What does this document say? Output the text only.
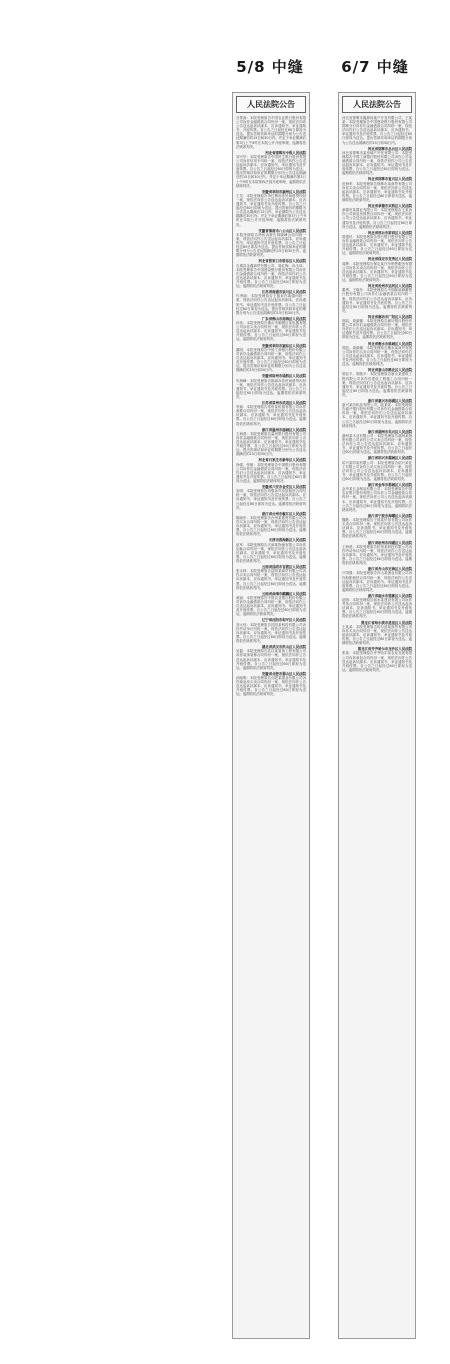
5/8 中缝	6/7 中缝
人民法院公告
谷景涛：本院受理原告中国农业银行股份有限公司诉你金融借款合同纠纷一案，现依法向你公告送达起诉状副本、应诉通知书、举证通知书、开庭传票。自公告之日起经过60日即视为送达。提出答辩状和举证的期限分别为公告送达期满后的15日和30日内。并定于举证期满后第3日上午9时在本院公开开庭审理，逾期将依法缺席判决。
河北省邯郸市中级人民法院
刘兴华：本院受理原告中国民生银行股份有限公司诉你信用卡纠纷一案，现依法向你公告送达起诉状副本、应诉通知书、举证通知书及开庭传票。自公告之日起经过60日即视为送达。提出答辩状和举证的期限分别为公告送达期满后的15日和30日内，并定于举证期满后第3日上午9时在本院第四法庭开庭审理，逾期将依法缺席判决。
安徽省阜阳市颍州区人民法院
王龙：本院受理原告李红梅诉你民间借贷纠纷一案，现依法向你公告送达起诉状副本、应诉通知书、举证通知书及开庭传票。自公告之日起经过60日即视为送达。提出答辩状的期限为公告送达期满后15日内，举证期限为公告送达期满后30日内。并定于举证期满后第3日上午9时在本院公开开庭审理，逾期将依法缺席判决。
安徽省淮南市八公山区人民法院
本院受理原告徐伟诉被告林晓峰合同纠纷一案，现依法向你公告送达起诉状副本、应诉通知书、举证通知书及开庭传票。自公告之日起经过60日即视为送达。提出答辩状和举证的期限分别为公告送达期满后的15日和30日内。逾期将依法缺席判决。
河北省张家口市桥东区人民法院
石城县金鑫商贸有限公司、周红梅、孙玉凤：本院受理原告中国建设银行股份有限公司诉你们金融借款合同纠纷一案，现依法向你们公告送达起诉状副本、应诉通知书、举证通知书及开庭传票。自公告之日起经过60日即视为送达。逾期将依法缺席判决。
江苏省南通市崇川区人民法院
代秀丽：本院受理原告王振诉你离婚纠纷一案，现依法向你公告送达起诉状副本、应诉通知书、举证通知书及开庭传票。自公告之日起经过60日即视为送达。提出答辩状和举证的期限分别为公告送达期满后的15日和30日内。
广东省佛山市南海区人民法院
孙伟：本院受理原告佛山市顺德区某电器有限公司诉你买卖合同纠纷一案，现依法向你公告送达起诉状副本、应诉通知书、举证通知书及开庭传票。自公告之日起经过60日即视为送达。逾期将依法缺席判决。
安徽省阜阳市颍东区人民法院
董明：本院受理原告中国工商银行股份有限公司诉你金融借款合同纠纷一案，现依法向你公告送达起诉状副本、应诉通知书、举证通知书及开庭传票。自公告之日起经过60日即视为送达。提出答辩状和举证的期限分别为公告送达期满后的15日和30日内。
安徽省宿州市埇桥区人民法院
朱海峰：本院受理原告陈丽诉你民间借贷纠纷一案，现依法向你公告送达起诉状副本、应诉通知书、举证通知书及开庭传票。自公告之日起经过60日即视为送达。逾期将依法缺席判决。
江苏省常州市武进区人民法院
李斌：本院受理原告常州某机械有限公司诉你承揽合同纠纷一案，现依法向你公告送达起诉状副本、应诉通知书、举证通知书及开庭传票。自公告之日起经过60日即视为送达。逾期将依法缺席判决。
浙江省温州市鹿城区人民法院
王海燕：本院受理原告温州银行股份有限公司诉你金融借款合同纠纷一案，现依法向你公告送达起诉状副本、应诉通知书、举证通知书及开庭传票。自公告之日起经过60日即视为送达。提出答辩状和举证的期限分别为公告送达期满后的15日和30日内。
河北省石家庄市新华区人民法院
徐强、张敏：本院受理原告中国银行股份有限公司诉你们金融借款合同纠纷一案，现依法向你们公告送达起诉状副本、应诉通知书、举证通知书及开庭传票。自公告之日起经过60日即视为送达。逾期将依法缺席判决。
安徽省六安市金安区人民法院
宋明：本院受理原告刘强诉你房屋租赁合同纠纷一案，现依法向你公告送达起诉状副本、应诉通知书、举证通知书及开庭传票。自公告之日起经过60日即视为送达。逾期将依法缺席判决。
浙江省台州市椒江区人民法院
陈晓东：本院受理原告台州某建材有限公司诉你买卖合同纠纷一案，现依法向你公告送达起诉状副本、应诉通知书、举证通知书及开庭传票。自公告之日起经过60日即视为送达。逾期将依法缺席判决。
天津市滨海新区人民法院
赵军：本院受理原告天津某物流有限公司诉你运输合同纠纷一案，现依法向你公告送达起诉状副本、应诉通知书、举证通知书及开庭传票。自公告之日起经过60日即视为送达。逾期将依法缺席判决。
云南省昆明市官渡区人民法院
张永林：本院受理原告昆明某商贸有限公司诉你买卖合同纠纷一案，现依法向你公告送达起诉状副本、应诉通知书、举证通知书及开庭传票。自公告之日起经过60日即视为送达。逾期将依法缺席判决。
云南省曲靖市麒麟区人民法院
黄丽：本院受理原告中国农业银行股份有限公司诉你金融借款合同纠纷一案，现依法向你公告送达起诉状副本、应诉通知书、举证通知书及开庭传票。自公告之日起经过60日即视为送达。逾期将依法缺席判决。
辽宁省沈阳市和平区人民法院
刘大伟：本院受理原告沈阳某科技有限公司诉你劳动争议纠纷一案，现依法向你公告送达起诉状副本、应诉通知书、举证通知书及开庭传票。自公告之日起经过60日即视为送达。逾期将依法缺席判决。
湖北省武汉市洪山区人民法院
吴磊：本院受理原告武汉某装饰工程有限公司诉你装饰装修合同纠纷一案，现依法向你公告送达起诉状副本、应诉通知书、举证通知书及开庭传票。自公告之日起经过60日即视为送达。逾期将依法缺席判决。
安徽省合肥市蜀山区人民法院
孙晓明：本院受理原告合肥某置业有限公司诉你商品房买卖合同纠纷一案，现依法向你公告送达起诉状副本、应诉通知书、举证通知书及开庭传票。自公告之日起经过60日即视为送达。逾期将依法缺席判决。
人民法院公告
河北省邯郸市鑫源房地产开发有限公司、王某某：本院受理原告中国建设银行股份有限公司邯郸分行诉你们金融借款合同纠纷一案，现依法向你们公告送达起诉状副本、应诉通知书、举证通知书及开庭传票。自公告之日起经过60日即视为送达。提出答辩状和举证的期限分别为公告送达期满后的15日和30日内。
河北省邯郸市丛台区人民法院
河北省邯郸市某房地产开发有限公司：本院受理原告中国工商银行股份有限公司诉你公司金融借款合同纠纷一案，现依法向你公司公告送达起诉状副本、应诉通知书、举证通知书及开庭传票。自公告之日起经过60日即视为送达。逾期将依法缺席判决。
河北省邯郸市复兴区人民法院
田海军：本院受理原告邯郸市某商贸有限公司诉你买卖合同纠纷一案，现依法向你公告送达起诉状副本、应诉通知书、举证通知书及开庭传票。自公告之日起经过60日即视为送达。逾期将依法缺席判决。
河北省承德市双桥区人民法院
承德市某置业有限公司：本院受理原告王某诉你公司商品房预售合同纠纷一案，现依法向你公司公告送达起诉状副本、应诉通知书、举证通知书及开庭传票。自公告之日起经过60日即视为送达。逾期将依法缺席判决。
河北省邢台市桥西区人民法院
胡建民：本院受理原告邢台银行股份有限公司诉你金融借款合同纠纷一案，现依法向你公告送达起诉状副本、应诉通知书、举证通知书及开庭传票。自公告之日起经过60日即视为送达。逾期将依法缺席判决。
河北省保定市竞秀区人民法院
周辉：本院受理原告保定某汽车销售服务有限公司诉你买卖合同纠纷一案，现依法向你公告送达起诉状副本、应诉通知书、举证通知书及开庭传票。自公告之日起经过60日即视为送达。逾期将依法缺席判决。
河北省沧州市运河区人民法院
董勇、王晓东：本院受理原告中国邮政储蓄银行股份有限公司诉你们金融借款合同纠纷一案，现依法向你们公告送达起诉状副本、应诉通知书、举证通知书及开庭传票。自公告之日起经过60日即视为送达。逾期将依法缺席判决。
河北省廊坊市广阳区人民法院
郭凯、周丽娜：本院受理原告廊坊银行股份有限公司诉你们金融借款合同纠纷一案，现依法向你们公告送达起诉状副本、应诉通知书、举证通知书及开庭传票。自公告之日起经过60日即视为送达。逾期将依法缺席判决。
河北省衡水市桃城区人民法院
郭凯、周丽娜：本院受理原告衡水某商贸有限公司诉你们买卖合同纠纷一案，现依法向你们公告送达起诉状副本、应诉通知书、举证通知书及开庭传票。自公告之日起经过60日即视为送达。逾期将依法缺席判决。
河北省唐山市路北区人民法院
胡亚平、胡继平：本院受理原告唐山某建筑工程有限公司诉你们建设工程施工合同纠纷一案，现依法向你们公告送达起诉状副本、应诉通知书、举证通知书及开庭传票。自公告之日起经过60日即视为送达。逾期将依法缺席判决。
浙江省嘉兴市南湖区人民法院
嘉兴某纺织品有限公司、陆某某：本院受理原告嘉兴银行股份有限公司诉你们金融借款合同纠纷一案，现依法向你们公告送达起诉状副本、应诉通知书、举证通知书及开庭传票。自公告之日起经过60日即视为送达。逾期将依法缺席判决。
浙江省湖州市吴兴区人民法院
湖州某木业有限公司：本院受理原告湖州某物资有限公司诉你公司买卖合同纠纷一案，现依法向你公司公告送达起诉状副本、应诉通知书、举证通知书及开庭传票。自公告之日起经过60日即视为送达。逾期将依法缺席判决。
浙江省绍兴市越城区人民法院
绍兴某印染有限公司：本院受理原告绍兴某化工有限公司诉你公司买卖合同纠纷一案，现依法向你公司公告送达起诉状副本、应诉通知书、举证通知书及开庭传票。自公告之日起经过60日即视为送达。逾期将依法缺席判决。
浙江省金华市婺城区人民法院
金华某五金制品有限公司：本院受理原告中国农业银行股份有限公司诉你公司金融借款合同纠纷一案，现依法向你公司公告送达起诉状副本、应诉通知书、举证通知书及开庭传票。自公告之日起经过60日即视为送达。逾期将依法缺席判决。
浙江省宁波市海曙区人民法院
魏胜：本院受理原告宁波某贸易有限公司诉你买卖合同纠纷一案，现依法向你公告送达起诉状副本、应诉通知书、举证通知书及开庭传票。自公告之日起经过60日即视为送达。逾期将依法缺席判决。
浙江省杭州市西湖区人民法院
王海燕：本院受理原告杭州某科技有限公司诉你劳动争议纠纷一案，现依法向你公告送达起诉状副本、应诉通知书、举证通知书及开庭传票。自公告之日起经过60日即视为送达。逾期将依法缺席判决。
浙江省舟山市定海区人民法院
卢国强：本院受理原告舟山某渔业有限公司诉你船舶租赁合同纠纷一案，现依法向你公告送达起诉状副本、应诉通知书、举证通知书及开庭传票。自公告之日起经过60日即视为送达。逾期将依法缺席判决。
浙江省丽水市莲都区人民法院
赵刚：本院受理原告丽水某建设有限公司诉你劳务合同纠纷一案，现依法向你公告送达起诉状副本、应诉通知书、举证通知书及开庭传票。自公告之日起经过60日即视为送达。逾期将依法缺席判决。
黑龙江省哈尔滨市道里区人民法院
王某某：本院受理原告哈尔滨某商贸有限公司诉你买卖合同纠纷一案，现依法向你公告送达起诉状副本、应诉通知书、举证通知书及开庭传票。自公告之日起经过60日即视为送达。逾期将依法缺席判决。
黑龙江省齐齐哈尔市龙沙区人民法院
张某：本院受理原告齐齐哈尔某农业发展有限公司诉你承包合同纠纷一案，现依法向你公告送达起诉状副本、应诉通知书、举证通知书及开庭传票。自公告之日起经过60日即视为送达。逾期将依法缺席判决。
